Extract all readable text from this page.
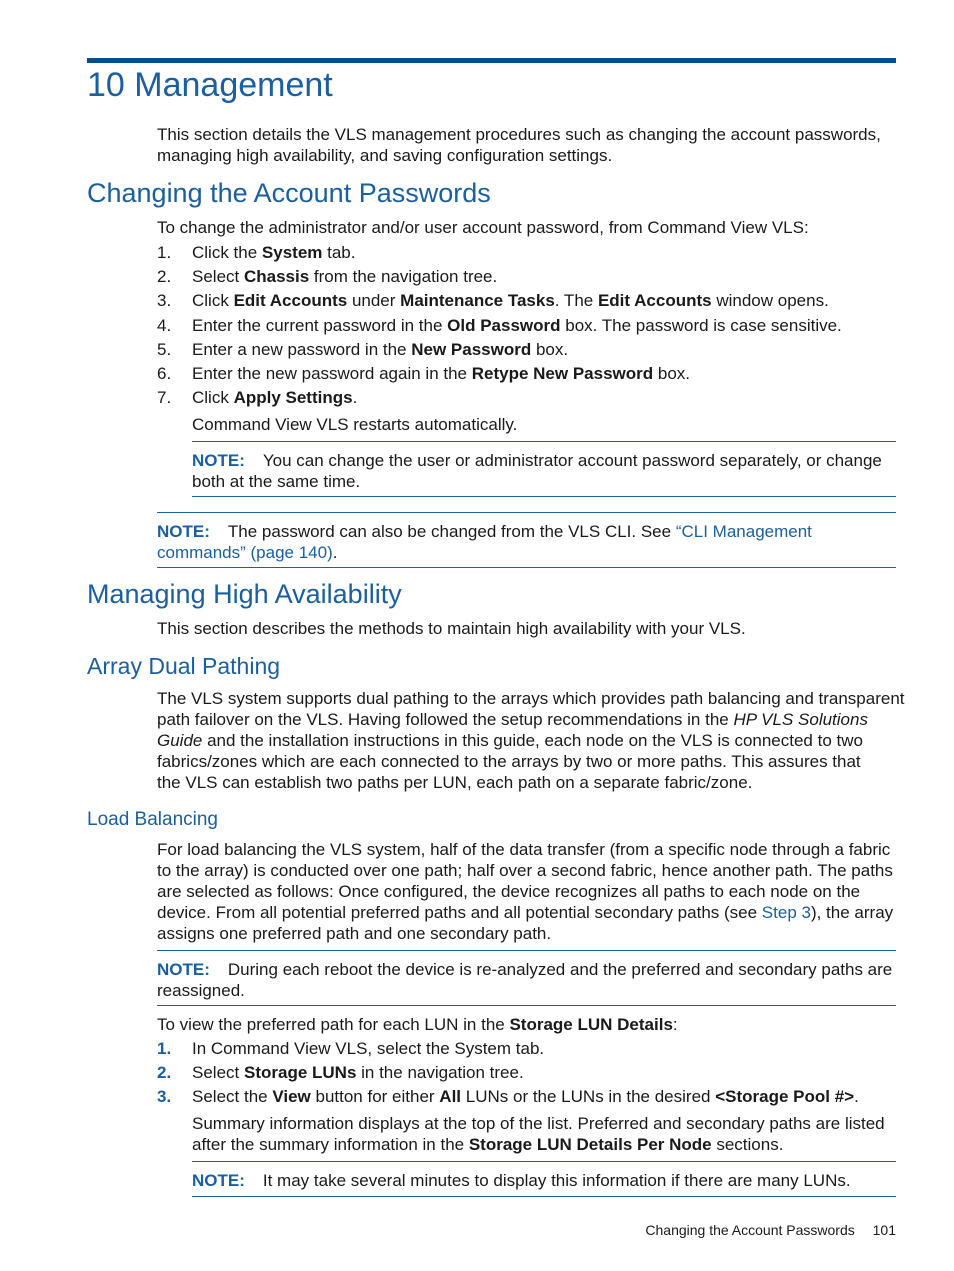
10 Management
This section details the VLS management procedures such as changing the account passwords,
managing high availability, and saving configuration settings.
Changing the Account Passwords
To change the administrator and/or user account password, from Command View VLS:
1. Click the System tab.
2. Select Chassis from the navigation tree.
3. Click Edit Accounts under Maintenance Tasks. The Edit Accounts window opens.
4. Enter the current password in the Old Password box. The password is case sensitive.
5. Enter a new password in the New Password box.
6. Enter the new password again in the Retype New Password box.
7. Click Apply Settings.
Command View VLS restarts automatically.
NOTE: You can change the user or administrator account password separately, or change
both at the same time.
NOTE: The password can also be changed from the VLS CLI. See “CLI Management
commands” (page 140).
Managing High Availability
This section describes the methods to maintain high availability with your VLS.
Array Dual Pathing
The VLS system supports dual pathing to the arrays which provides path balancing and transparent
path failover on the VLS. Having followed the setup recommendations in the HP VLS Solutions
Guide and the installation instructions in this guide, each node on the VLS is connected to two
fabrics/zones which are each connected to the arrays by two or more paths. This assures that
the VLS can establish two paths per LUN, each path on a separate fabric/zone.
Load Balancing
For load balancing the VLS system, half of the data transfer (from a specific node through a fabric
to the array) is conducted over one path; half over a second fabric, hence another path. The paths
are selected as follows: Once configured, the device recognizes all paths to each node on the
device. From all potential preferred paths and all potential secondary paths (see Step 3), the array
assigns one preferred path and one secondary path.
NOTE: During each reboot the device is re-analyzed and the preferred and secondary paths are
reassigned.
To view the preferred path for each LUN in the Storage LUN Details:
1. In Command View VLS, select the System tab.
2. Select Storage LUNs in the navigation tree.
3. Select the View button for either All LUNs or the LUNs in the desired <Storage Pool #>.
Summary information displays at the top of the list. Preferred and secondary paths are listed
after the summary information in the Storage LUN Details Per Node sections.
NOTE: It may take several minutes to display this information if there are many LUNs.
Changing the Account Passwords 101
